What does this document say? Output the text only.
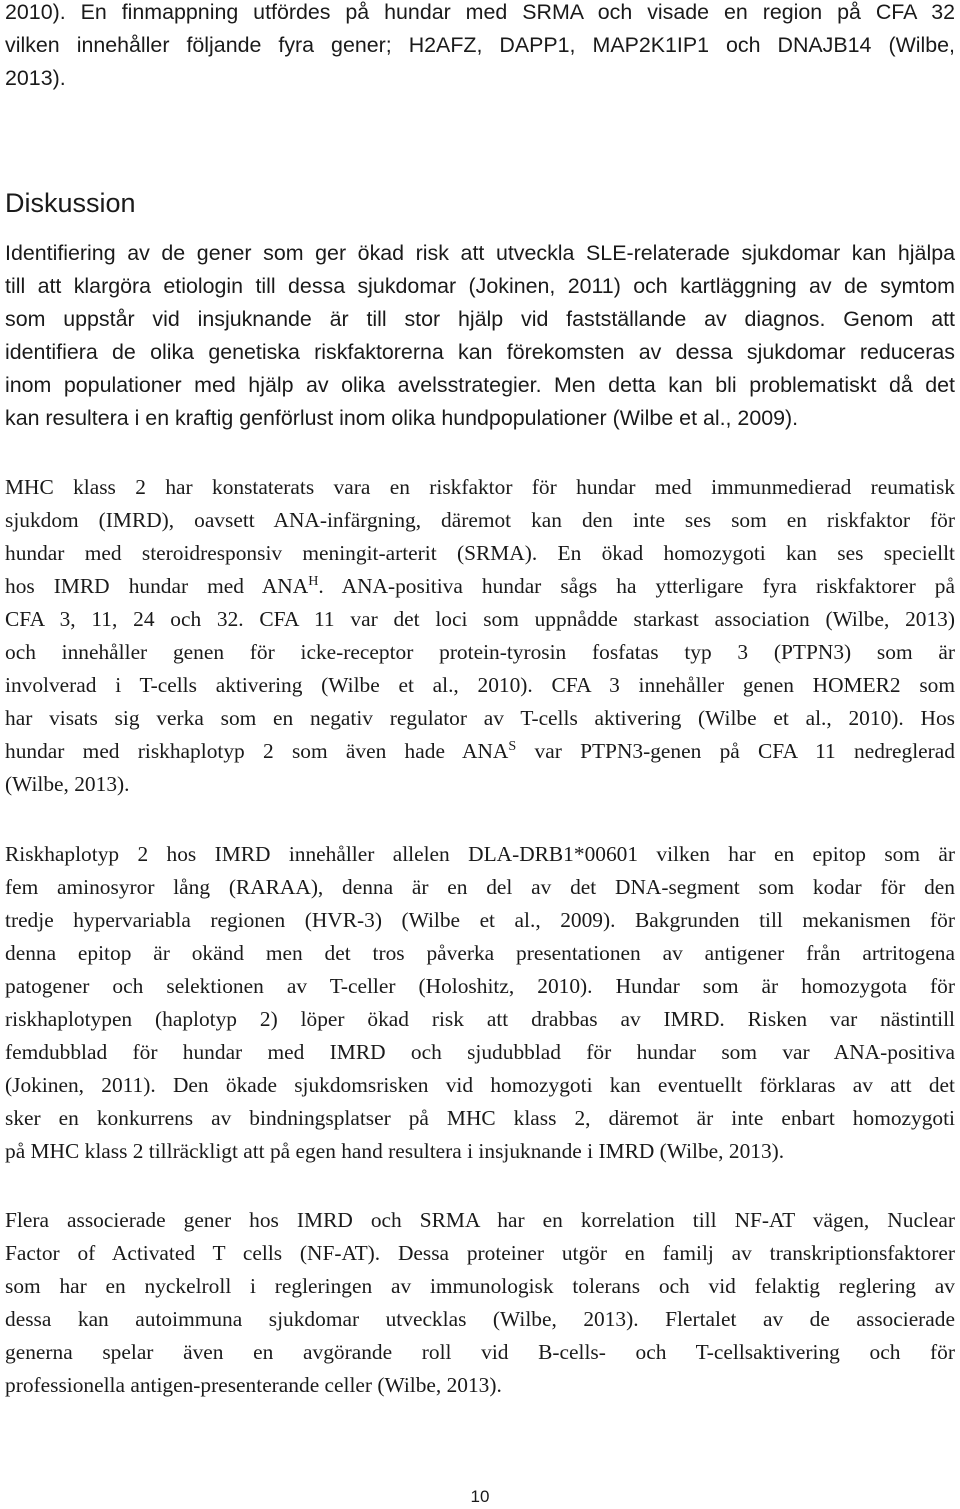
2010). En finmappning utfördes på hundar med SRMA och visade en region på CFA 32
vilken innehåller följande fyra gener; H2AFZ, DAPP1, MAP2K1IP1 och DNAJB14 (Wilbe,
2013).
Diskussion
Identifiering av de gener som ger ökad risk att utveckla SLE-relaterade sjukdomar kan hjälpa
till att klargöra etiologin till dessa sjukdomar (Jokinen, 2011) och kartläggning av de symtom
som uppstår vid insjuknande är till stor hjälp vid fastställande av diagnos. Genom att
identifiera de olika genetiska riskfaktorerna kan förekomsten av dessa sjukdomar reduceras
inom populationer med hjälp av olika avelsstrategier. Men detta kan bli problematiskt då det
kan resultera i en kraftig genförlust inom olika hundpopulationer (Wilbe et al., 2009).
MHC klass 2 har konstaterats vara en riskfaktor för hundar med immunmedierad reumatisk
sjukdom (IMRD), oavsett ANA-infärgning, däremot kan den inte ses som en riskfaktor för
hundar med steroidresponsiv meningit-arterit (SRMA). En ökad homozygoti kan ses speciellt
hos IMRD hundar med $ANA^H$. ANA-positiva hundar sågs ha ytterligare fyra riskfaktorer på
CFA 3, 11, 24 och 32. CFA 11 var det loci som uppnådde starkast association (Wilbe, 2013)
och innehåller genen för icke-receptor protein-tyrosin fosfatas typ 3 (PTPN3) som är
involverad i T-cells aktivering (Wilbe et al., 2010). CFA 3 innehåller genen HOMER2 som
har visats sig verka som en negativ regulator av T-cells aktivering (Wilbe et al., 2010). Hos
hundar med riskhaplotyp 2 som även hade $ANA^S$ var PTPN3-genen på CFA 11 nedreglerad
(Wilbe, 2013).
Riskhaplotyp 2 hos IMRD innehåller allelen DLA-DRB1*00601 vilken har en epitop som är
fem aminosyror lång (RARAA), denna är en del av det DNA-segment som kodar för den
tredje hypervariabla regionen (HVR-3) (Wilbe et al., 2009). Bakgrunden till mekanismen för
denna epitop är okänd men det tros påverka presentationen av antigener från artritogena
patogener och selektionen av T-celler (Holoshitz, 2010). Hundar som är homozygota för
riskhaplotypen (haplotyp 2) löper ökad risk att drabbas av IMRD. Risken var nästintill
femdubblad för hundar med IMRD och sjudubblad för hundar som var ANA-positiva
(Jokinen, 2011). Den ökade sjukdomsrisken vid homozygoti kan eventuellt förklaras av att det
sker en konkurrens av bindningsplatser på MHC klass 2, däremot är inte enbart homozygoti
på MHC klass 2 tillräckligt att på egen hand resultera i insjuknande i IMRD (Wilbe, 2013).
Flera associerade gener hos IMRD och SRMA har en korrelation till NF-AT vägen, Nuclear
Factor of Activated T cells (NF-AT). Dessa proteiner utgör en familj av transkriptionsfaktorer
som har en nyckelroll i regleringen av immunologisk tolerans och vid felaktig reglering av
dessa kan autoimmuna sjukdomar utvecklas (Wilbe, 2013). Flertalet av de associerade
generna spelar även en avgörande roll vid B-cells- och T-cellsaktivering och för
professionella antigen-presenterande celler (Wilbe, 2013).
10
